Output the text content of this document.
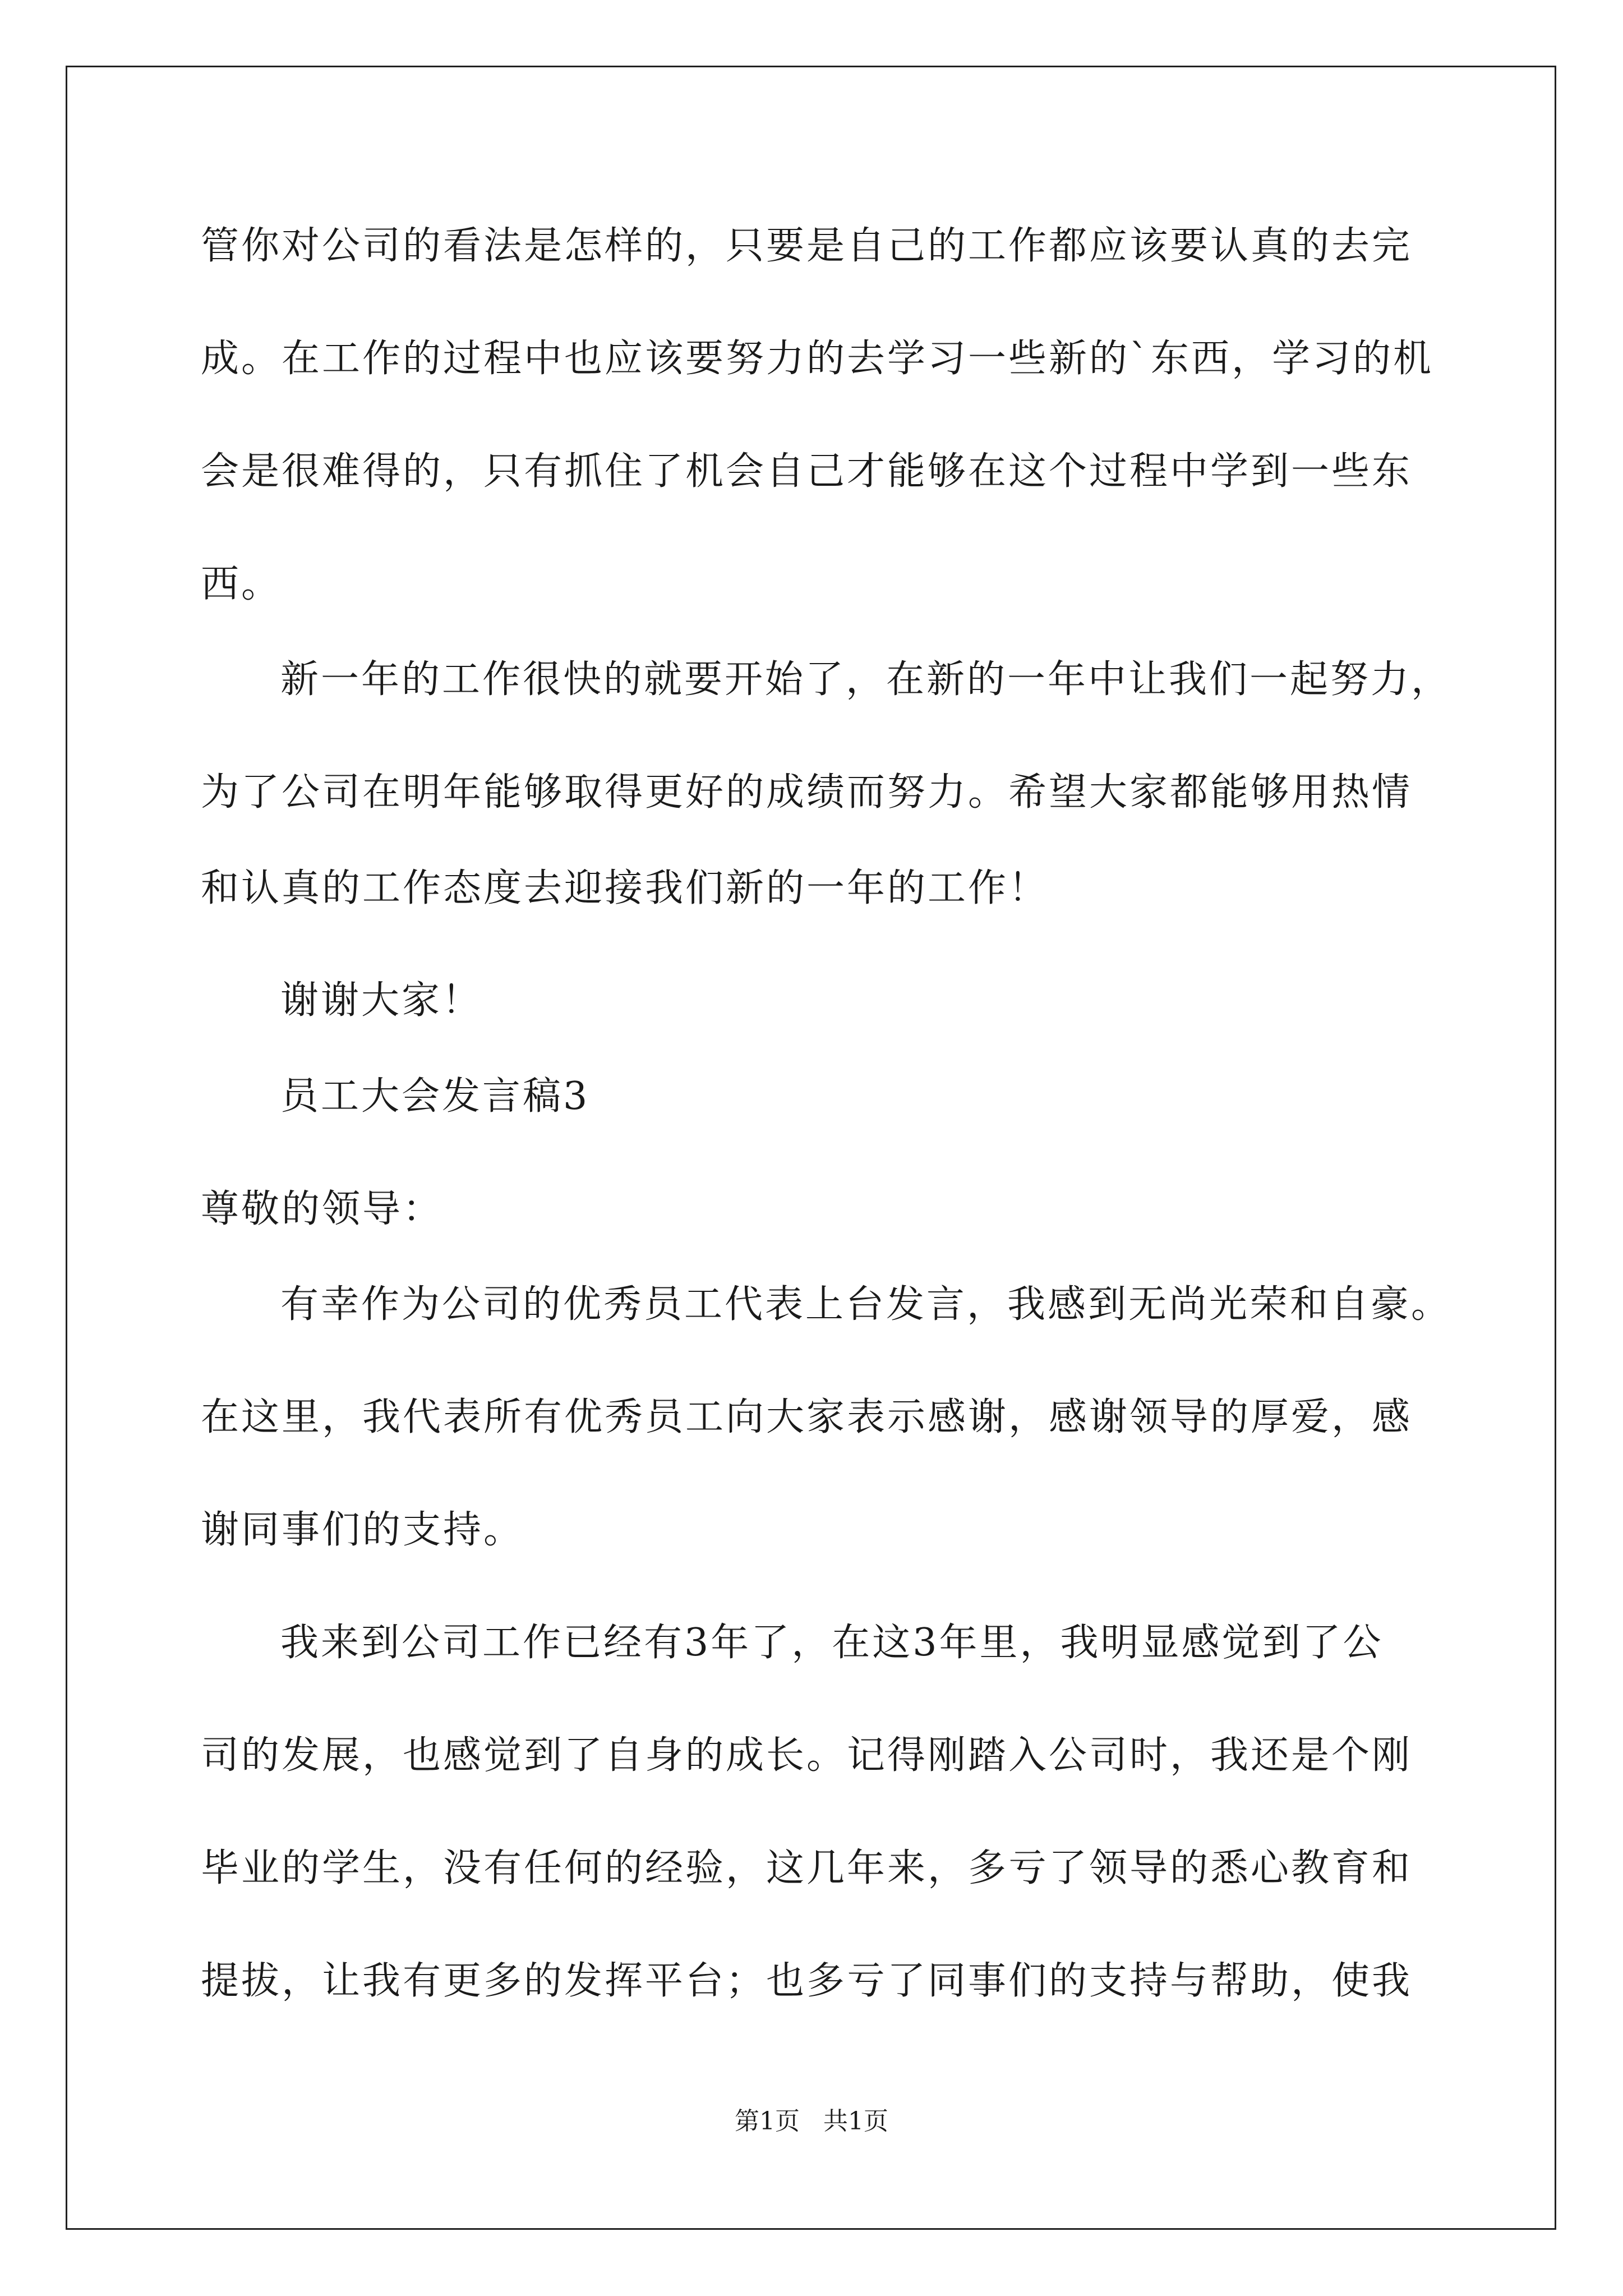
管你对公司的看法是怎样的，只要是自己的工作都应该要认真的去完
成。在工作的过程中也应该要努力的去学习一些新的`东西，学习的机
会是很难得的，只有抓住了机会自己才能够在这个过程中学到一些东
西。
新一年的工作很快的就要开始了，在新的一年中让我们一起努力，
为了公司在明年能够取得更好的成绩而努力。希望大家都能够用热情
和认真的工作态度去迎接我们新的一年的工作！
谢谢大家！
员工大会发言稿3
尊敬的领导：
有幸作为公司的优秀员工代表上台发言，我感到无尚光荣和自豪。
在这里，我代表所有优秀员工向大家表示感谢，感谢领导的厚爱，感
谢同事们的支持。
我来到公司工作已经有3年了，在这3年里，我明显感觉到了公
司的发展，也感觉到了自身的成长。记得刚踏入公司时，我还是个刚
毕业的学生，没有任何的经验，这几年来，多亏了领导的悉心教育和
提拔，让我有更多的发挥平台；也多亏了同事们的支持与帮助，使我
第1页 共1页
